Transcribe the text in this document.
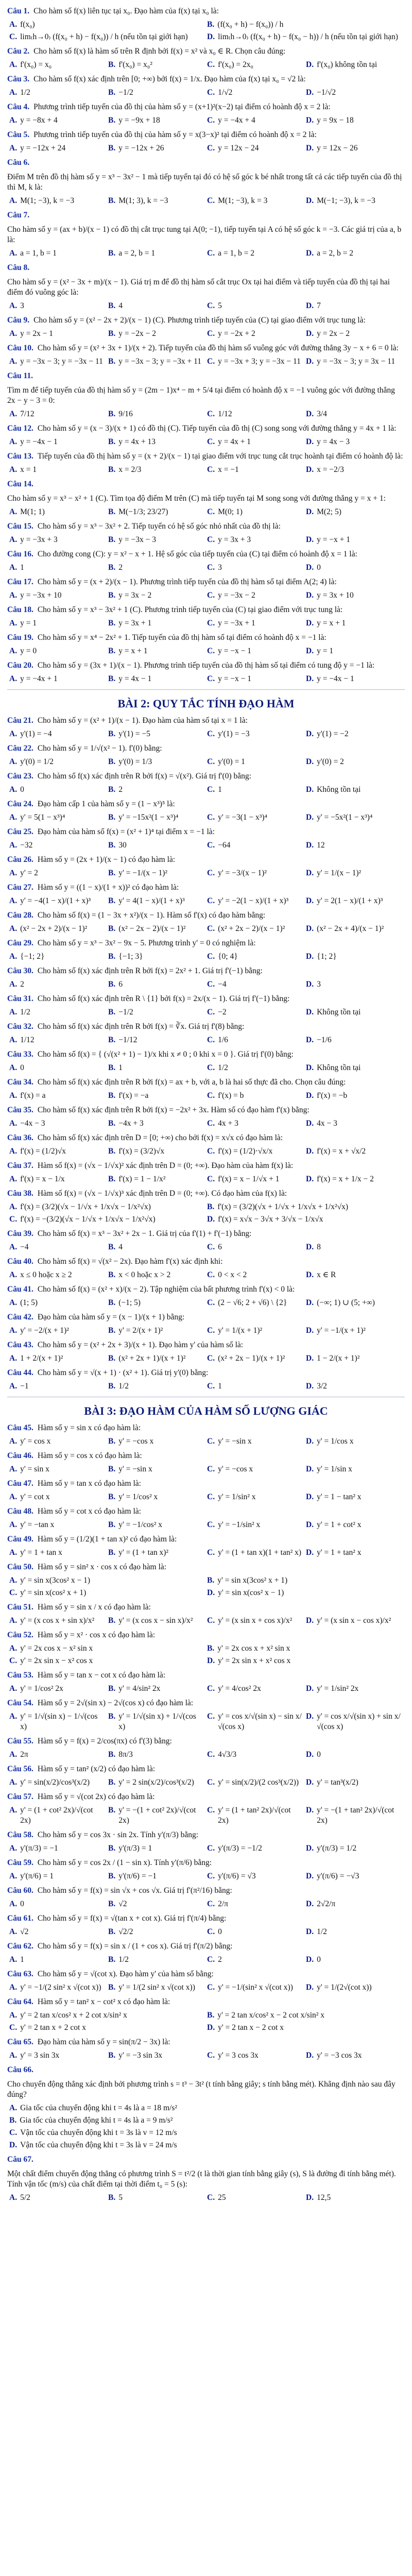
Câu 1. Cho hàm số f(x) liên tục tại x₀. Đạo hàm của f(x) tại x₀ là:
A. f(x₀)	B. (f(x₀ + h) − f(x₀)) / h
C. lim₍h→0₎ (f(x₀ + h) − f(x₀)) / h (nếu tồn tại giới hạn) D. lim₍h→0₎ (f(x₀ + h) − f(x₀ − h)) / h (nếu tồn tại giới hạn)
Câu 2. Cho hàm số f(x) là hàm số trên R định bởi f(x) = x² và x₀ ∈ R. Chọn câu đúng:
A. f'(x₀) = x₀	B. f'(x₀) = x₀²	C. f'(x₀) = 2x₀	D. f'(x₀) không tồn tại
Câu 3. Cho hàm số f(x) xác định trên [0; +∞) bởi f(x) = 1/x. Đạo hàm của f(x) tại x₀ = √2 là:
A. 1/2	B. −1/2	C. 1/√2	D. −1/√2
Câu 4. Phương trình tiếp tuyến của đồ thị của hàm số y = (x+1)²(x−2) tại điểm có hoành độ x = 2 là:
A. y = −8x + 4	B. y = −9x + 18	C. y = −4x + 4	D. y = 9x − 18
Câu 5. Phương trình tiếp tuyến của đồ thị của hàm số y = x(3−x)² tại điểm có hoành độ x = 2 là:
A. y = −12x + 24	B. y = −12x + 26	C. y = 12x − 24	D. y = 12x − 26
Câu 6.
Điểm M trên đồ thị hàm số y = x³ − 3x² − 1 mà tiếp tuyến tại đó có hệ số góc k bé nhất trong tất cả các tiếp tuyến của đồ thị thì M, k là:
A. M(1; −3), k = −3	B. M(1; 3), k = −3	C. M(1; −3), k = 3	D. M(−1; −3), k = −3
Câu 7.
Cho hàm số y = (ax + b)/(x − 1) có đồ thị cắt trục tung tại A(0; −1), tiếp tuyến tại A có hệ số góc k = −3. Các giá trị của a, b là:
A. a = 1, b = 1	B. a = 2, b = 1	C. a = 1, b = 2	D. a = 2, b = 2
Câu 8.
Cho hàm số y = (x² − 3x + m)/(x − 1). Giá trị m để đồ thị hàm số cắt trục Ox tại hai điểm và tiếp tuyến của đồ thị tại hai điểm đó vuông góc là:
A. 3	B. 4	C. 5	D. 7
Câu 9. Cho hàm số y = (x² − 2x + 2)/(x − 1) (C). Phương trình tiếp tuyến của (C) tại giao điểm với trục tung là:
A. y = 2x − 1	B. y = −2x − 2	C. y = −2x + 2	D. y = 2x − 2
Câu 10. Cho hàm số y = (x² + 3x + 1)/(x + 2). Tiếp tuyến của đồ thị hàm số vuông góc với đường thẳng 3y − x + 6 = 0 là:
A. y = −3x − 3; y = −3x − 11 B. y = −3x − 3; y = −3x + 11 C. y = −3x + 3; y = −3x − 11 D. y = −3x − 3; y = 3x − 11
Câu 11.
Tìm m để tiếp tuyến của đồ thị hàm số y = (2m − 1)x⁴ − m + 5/4 tại điểm có hoành độ x = −1 vuông góc với đường thẳng 2x − y − 3 = 0:
A. 7/12	B. 9/16	C. 1/12	D. 3/4
Câu 12. Cho hàm số y = (x − 3)/(x + 1) có đồ thị (C). Tiếp tuyến của đồ thị (C) song song với đường thẳng y = 4x + 1 là:
A. y = −4x − 1	B. y = 4x + 13	C. y = 4x + 1	D. y = 4x − 3
Câu 13. Tiếp tuyến của đồ thị hàm số y = (x + 2)/(x − 1) tại giao điểm với trục tung cắt trục hoành tại điểm có hoành độ là:
A. x = 1	B. x = 2/3	C. x = −1	D. x = −2/3
Câu 14.
Cho hàm số y = x³ − x² + 1 (C). Tìm tọa độ điểm M trên (C) mà tiếp tuyến tại M song song với đường thẳng y = x + 1:
A. M(1; 1)	B. M(−1/3; 23/27)	C. M(0; 1)	D. M(2; 5)
Câu 15. Cho hàm số y = x³ − 3x² + 2. Tiếp tuyến có hệ số góc nhỏ nhất của đồ thị là:
A. y = −3x + 3	B. y = −3x − 3	C. y = 3x + 3	D. y = −x + 1
Câu 16. Cho đường cong (C): y = x² − x + 1. Hệ số góc của tiếp tuyến của (C) tại điểm có hoành độ x = 1 là:
A. 1	B. 2	C. 3	D. 0
Câu 17. Cho hàm số y = (x + 2)/(x − 1). Phương trình tiếp tuyến của đồ thị hàm số tại điểm A(2; 4) là:
A. y = −3x + 10	B. y = 3x − 2	C. y = −3x − 2	D. y = 3x + 10
Câu 18. Cho hàm số y = x³ − 3x² + 1 (C). Phương trình tiếp tuyến của (C) tại giao điểm với trục tung là:
A. y = 1	B. y = 3x + 1	C. y = −3x + 1	D. y = x + 1
Câu 19. Cho hàm số y = x⁴ − 2x² + 1. Tiếp tuyến của đồ thị hàm số tại điểm có hoành độ x = −1 là:
A. y = 0	B. y = x + 1	C. y = −x − 1	D. y = 1
Câu 20. Cho hàm số y = (3x + 1)/(x − 1). Phương trình tiếp tuyến của đồ thị hàm số tại điểm có tung độ y = −1 là:
A. y = −4x + 1	B. y = 4x − 1	C. y = −x − 1	D. y = −4x − 1
BÀI 2: QUY TẮC TÍNH ĐẠO HÀM
Câu 21. Cho hàm số y = (x² + 1)/(x − 1). Đạo hàm của hàm số tại x = 1 là:
A. y'(1) = −4	B. y'(1) = −5	C. y'(1) = −3	D. y'(1) = −2
Câu 22. Cho hàm số y = 1/√(x² − 1). f'(0) bằng:
A. y'(0) = 1/2	B. y'(0) = 1/3	C. y'(0) = 1	D. y'(0) = 2
Câu 23. Cho hàm số f(x) xác định trên R bởi f(x) = √(x²). Giá trị f'(0) bằng:
A. 0	B. 2	C. 1	D. Không tồn tại
Câu 24. Đạo hàm cấp 1 của hàm số y = (1 − x³)⁵ là:
A. y' = 5(1 − x³)⁴	B. y' = −15x²(1 − x³)⁴	C. y' = −3(1 − x³)⁴	D. y' = −5x²(1 − x³)⁴
Câu 25. Đạo hàm của hàm số f(x) = (x² + 1)⁴ tại điểm x = −1 là:
A. −32	B. 30	C. −64	D. 12
Câu 26. Hàm số y = (2x + 1)/(x − 1) có đạo hàm là:
A. y' = 2	B. y' = −1/(x − 1)²	C. y' = −3/(x − 1)²	D. y' = 1/(x − 1)²
Câu 27. Hàm số y = ((1 − x)/(1 + x))² có đạo hàm là:
A. y' = −4(1 − x)/(1 + x)³ B. y' = 4(1 − x)/(1 + x)³	C. y' = −2(1 − x)/(1 + x)³ D. y' = 2(1 − x)/(1 + x)³
Câu 28. Cho hàm số f(x) = (1 − 3x + x²)/(x − 1). Hàm số f'(x) có đạo hàm bằng:
A. (x² − 2x + 2)/(x − 1)²	B. (x² − 2x − 2)/(x − 1)²	C. (x² + 2x − 2)/(x − 1)²	D. (x² − 2x + 4)/(x − 1)²
Câu 29. Cho hàm số y = x³ − 3x² − 9x − 5. Phương trình y' = 0 có nghiệm là:
A. {−1; 2}	B. {−1; 3}	C. {0; 4}	D. {1; 2}
Câu 30. Cho hàm số f(x) xác định trên R bởi f(x) = 2x² + 1. Giá trị f'(−1) bằng:
A. 2	B. 6	C. −4	D. 3
Câu 31. Cho hàm số f(x) xác định trên R \ {1} bởi f(x) = 2x/(x − 1). Giá trị f'(−1) bằng:
A. 1/2	B. −1/2	C. −2	D. Không tồn tại
Câu 32. Cho hàm số f(x) xác định trên R bởi f(x) = ∛x. Giá trị f'(8) bằng:
A. 1/12	B. −1/12	C. 1/6	D. −1/6
Câu 33. Cho hàm số f(x) = { (√(x² + 1) − 1)/x khi x ≠ 0 ; 0 khi x = 0 }. Giá trị f'(0) bằng:
A. 0	B. 1	C. 1/2	D. Không tồn tại
Câu 34. Cho hàm số f(x) xác định trên R bởi f(x) = ax + b, với a, b là hai số thực đã cho. Chọn câu đúng:
A. f'(x) = a	B. f'(x) = −a	C. f'(x) = b	D. f'(x) = −b
Câu 35. Cho hàm số f(x) xác định trên R bởi f(x) = −2x² + 3x. Hàm số có đạo hàm f'(x) bằng:
A. −4x − 3	B. −4x + 3	C. 4x + 3	D. 4x − 3
Câu 36. Cho hàm số f(x) xác định trên D = [0; +∞) cho bởi f(x) = x√x có đạo hàm là:
A. f'(x) = (1/2)√x	B. f'(x) = (3/2)√x	C. f'(x) = (1/2)·√x/x	D. f'(x) = x + √x/2
Câu 37. Hàm số f(x) = (√x − 1/√x)² xác định trên D = (0; +∞). Đạo hàm của hàm f(x) là:
A. f'(x) = x − 1/x	B. f'(x) = 1 − 1/x²	C. f'(x) = x − 1/√x + 1	D. f'(x) = x + 1/x − 2
Câu 38. Hàm số f(x) = (√x − 1/√x)³ xác định trên D = (0; +∞). Có đạo hàm của f(x) là:
A. f'(x) = (3/2)(√x − 1/√x + 1/x√x − 1/x²√x)	B. f'(x) = (3/2)(√x + 1/√x + 1/x√x + 1/x²√x)
C. f'(x) = −(3/2)(√x − 1/√x + 1/x√x − 1/x²√x)	D. f'(x) = x√x − 3√x + 3/√x − 1/x√x
Câu 39. Cho hàm số f(x) = x³ − 3x² + 2x − 1. Giá trị của f'(1) + f'(−1) bằng:
A. −4	B. 4	C. 6	D. 8
Câu 40. Cho hàm số f(x) = √(x² − 2x). Đạo hàm f'(x) xác định khi:
A. x ≤ 0 hoặc x ≥ 2	B. x < 0 hoặc x > 2	C. 0 < x < 2	D. x ∈ R
Câu 41. Cho hàm số f(x) = (x² + x)/(x − 2). Tập nghiệm của bất phương trình f'(x) < 0 là:
A. (1; 5)	B. (−1; 5)	C. (2 − √6; 2 + √6) \ {2} D. (−∞; 1) ∪ (5; +∞)
Câu 42. Đạo hàm của hàm số y = (x − 1)/(x + 1) bằng:
A. y' = −2/(x + 1)²	B. y' = 2/(x + 1)²	C. y' = 1/(x + 1)²	D. y' = −1/(x + 1)²
Câu 43. Cho hàm số y = (x² + 2x + 3)/(x + 1). Đạo hàm y' của hàm số là:
A. 1 + 2/(x + 1)²	B. (x² + 2x + 1)/(x + 1)²	C. (x² + 2x − 1)/(x + 1)²	D. 1 − 2/(x + 1)²
Câu 44. Cho hàm số y = √(x + 1) · (x² + 1). Giá trị y'(0) bằng:
A. −1	B. 1/2	C. 1	D. 3/2
BÀI 3: ĐẠO HÀM CỦA HÀM SỐ LƯỢNG GIÁC
Câu 45. Hàm số y = sin x có đạo hàm là:
A. y' = cos x	B. y' = −cos x	C. y' = −sin x	D. y' = 1/cos x
Câu 46. Hàm số y = cos x có đạo hàm là:
A. y' = sin x	B. y' = −sin x	C. y' = −cos x	D. y' = 1/sin x
Câu 47. Hàm số y = tan x có đạo hàm là:
A. y' = cot x	B. y' = 1/cos² x	C. y' = 1/sin² x	D. y' = 1 − tan² x
Câu 48. Hàm số y = cot x có đạo hàm là:
A. y' = −tan x	B. y' = −1/cos² x	C. y' = −1/sin² x	D. y' = 1 + cot² x
Câu 49. Hàm số y = (1/2)(1 + tan x)² có đạo hàm là:
A. y' = 1 + tan x	B. y' = (1 + tan x)²	C. y' = (1 + tan x)(1 + tan² x) D. y' = 1 + tan² x
Câu 50. Hàm số y = sin² x · cos x có đạo hàm là:
A. y' = sin x(3cos² x − 1)	B. y' = sin x(3cos² x + 1)
C. y' = sin x(cos² x + 1)	D. y' = sin x(cos² x − 1)
Câu 51. Hàm số y = sin x / x có đạo hàm là:
A. y' = (x cos x + sin x)/x² B. y' = (x cos x − sin x)/x² C. y' = (x sin x + cos x)/x² D. y' = (x sin x − cos x)/x²
Câu 52. Hàm số y = x² · cos x có đạo hàm là:
A. y' = 2x cos x − x² sin x	B. y' = 2x cos x + x² sin x
C. y' = 2x sin x − x² cos x	D. y' = 2x sin x + x² cos x
Câu 53. Hàm số y = tan x − cot x có đạo hàm là:
A. y' = 1/cos² 2x	B. y' = 4/sin² 2x	C. y' = 4/cos² 2x	D. y' = 1/sin² 2x
Câu 54. Hàm số y = 2√(sin x) − 2√(cos x) có đạo hàm là:
A. y' = 1/√(sin x) − 1/√(cos x)
B. y' = 1/√(sin x) + 1/√(cos x)
C. y' = cos x/√(sin x) − sin x/√(cos x)
D. y' = cos x/√(sin x) + sin x/√(cos x)
Câu 55. Hàm số y = f(x) = 2/cos(πx) có f'(3) bằng:
A. 2π	B. 8π/3	C. 4√3/3	D. 0
Câu 56. Hàm số y = tan² (x/2) có đạo hàm là:
A. y' = sin(x/2)/cos³(x/2) B. y' = 2 sin(x/2)/cos³(x/2) C. y' = sin(x/2)/(2 cos³(x/2)) D. y' = tan³(x/2)
Câu 57. Hàm số y = √(cot 2x) có đạo hàm là:
A. y' = (1 + cot² 2x)/√(cot 2x)
B. y' = −(1 + cot² 2x)/√(cot 2x)
C. y' = (1 + tan² 2x)/√(cot 2x)
D. y' = −(1 + tan² 2x)/√(cot 2x)
Câu 58. Cho hàm số y = cos 3x · sin 2x. Tính y'(π/3) bằng:
A. y'(π/3) = −1	B. y'(π/3) = 1	C. y'(π/3) = −1/2	D. y'(π/3) = 1/2
Câu 59. Cho hàm số y = cos 2x / (1 − sin x). Tính y'(π/6) bằng:
A. y'(π/6) = 1	B. y'(π/6) = −1	C. y'(π/6) = √3	D. y'(π/6) = −√3
Câu 60. Cho hàm số y = f(x) = sin √x + cos √x. Giá trị f'(π²/16) bằng:
A. 0	B. √2	C. 2/π	D. 2√2/π
Câu 61. Cho hàm số y = f(x) = √(tan x + cot x). Giá trị f'(π/4) bằng:
A. √2	B. √2/2	C. 0	D. 1/2
Câu 62. Cho hàm số y = f(x) = sin x / (1 + cos x). Giá trị f'(π/2) bằng:
A. 1	B. 1/2	C. 2	D. 0
Câu 63. Cho hàm số y = √(cot x). Đạo hàm y' của hàm số bằng:
A. y' = −1/(2 sin² x √(cot x)) B. y' = 1/(2 sin² x √(cot x)) C. y' = −1/(sin² x √(cot x)) D. y' = 1/(2√(cot x))
Câu 64. Hàm số y = tan² x − cot² x có đạo hàm là:
A. y' = 2 tan x/cos² x + 2 cot x/sin² x	B. y' = 2 tan x/cos² x − 2 cot x/sin² x
C. y' = 2 tan x + 2 cot x	D. y' = 2 tan x − 2 cot x
Câu 65. Đạo hàm của hàm số y = sin(π/2 − 3x) là:
A. y' = 3 sin 3x	B. y' = −3 sin 3x	C. y' = 3 cos 3x	D. y' = −3 cos 3x
Câu 66.
Cho chuyển động thẳng xác định bởi phương trình s = t³ − 3t² (t tính bằng giây; s tính bằng mét). Khẳng định nào sau đây đúng?
A. Gia tốc của chuyển động khi t = 4s là a = 18 m/s²
B. Gia tốc của chuyển động khi t = 4s là a = 9 m/s²
C. Vận tốc của chuyển động khi t = 3s là v = 12 m/s
D. Vận tốc của chuyển động khi t = 3s là v = 24 m/s
Câu 67.
Một chất điểm chuyển động thẳng có phương trình S = t²/2 (t là thời gian tính bằng giây (s), S là đường đi tính bằng mét). Tính vận tốc (m/s) của chất điểm tại thời điểm t₀ = 5 (s):
A. 5/2	B. 5	C. 25	D. 12,5
